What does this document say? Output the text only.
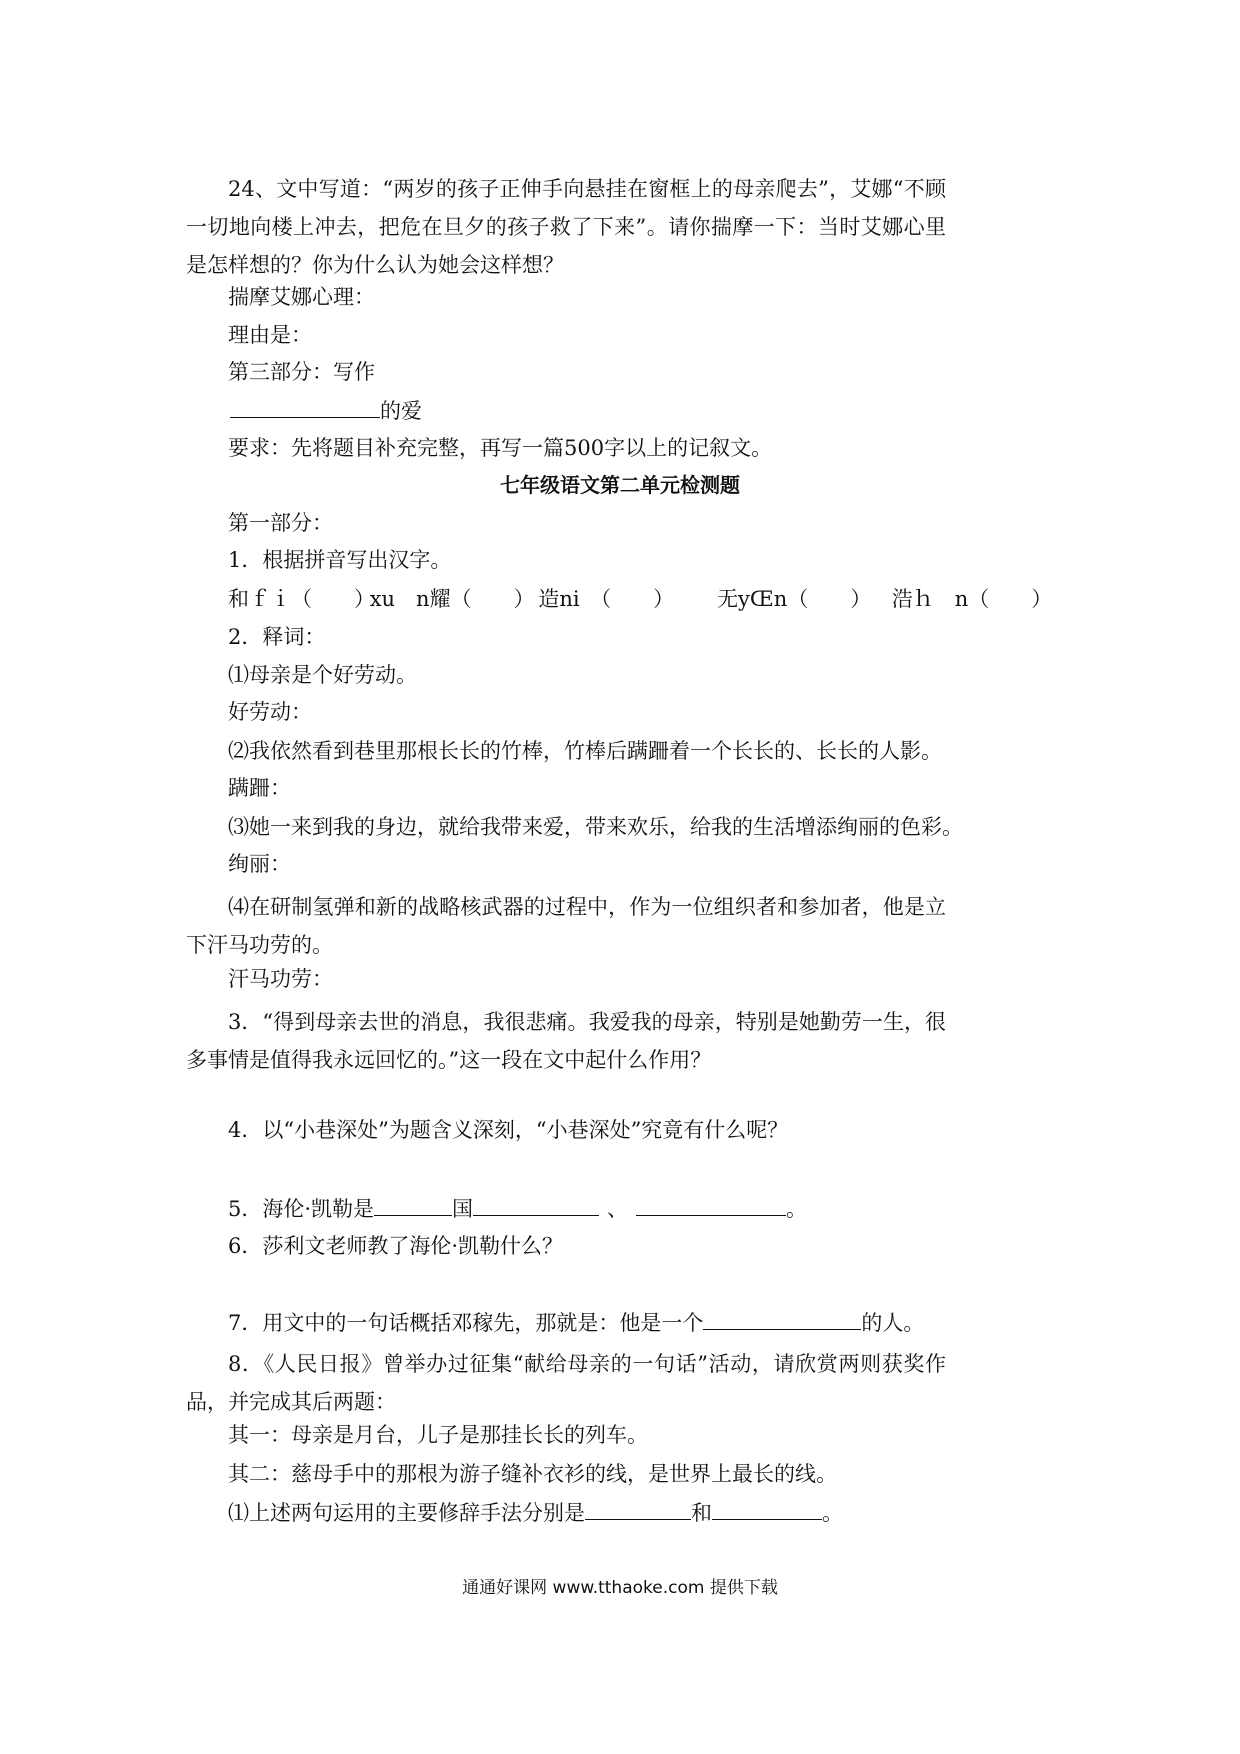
24、文中写道：“两岁的孩子正伸手向悬挂在窗框上的母亲爬去”，艾娜“不顾一切地向楼上冲去，把危在旦夕的孩子救了下来”。请你揣摩一下：当时艾娜心里是怎样想的？你为什么认为她会这样想？
揣摩艾娜心理：
理由是：
第三部分：写作
的爱
要求：先将题目补充完整，再写一篇500字以上的记叙文。
七年级语文第二单元检测题
第一部分：
1．根据拼音写出汉字。
和ｆｉ（　　） xu　n耀（　　） 造ni　（　　） 无yŒn（　　） 浩ｈ　n（　　）
2．释词：
⑴母亲是个好劳动。
好劳动：
⑵我依然看到巷里那根长长的竹棒，竹棒后蹒跚着一个长长的、长长的人影。
蹒跚：
⑶她一来到我的身边，就给我带来爱，带来欢乐，给我的生活增添绚丽的色彩。
绚丽：
⑷在研制氢弹和新的战略核武器的过程中，作为一位组织者和参加者，他是立下汗马功劳的。
汗马功劳：
3．“得到母亲去世的消息，我很悲痛。我爱我的母亲，特别是她勤劳一生，很多事情是值得我永远回忆的。”这一段在文中起什么作用？
4．以“小巷深处”为题含义深刻，“小巷深处”究竟有什么呢？
5．海伦·凯勒是	国	、	。
6．莎利文老师教了海伦·凯勒什么？
7．用文中的一句话概括邓稼先，那就是：他是一个	的人。
8．《人民日报》曾举办过征集“献给母亲的一句话”活动，请欣赏两则获奖作品，并完成其后两题：
其一：母亲是月台，儿子是那挂长长的列车。
其二：慈母手中的那根为游子缝补衣衫的线，是世界上最长的线。
⑴上述两句运用的主要修辞手法分别是	和	。
通通好课网 www.tthaoke.com 提供下载
